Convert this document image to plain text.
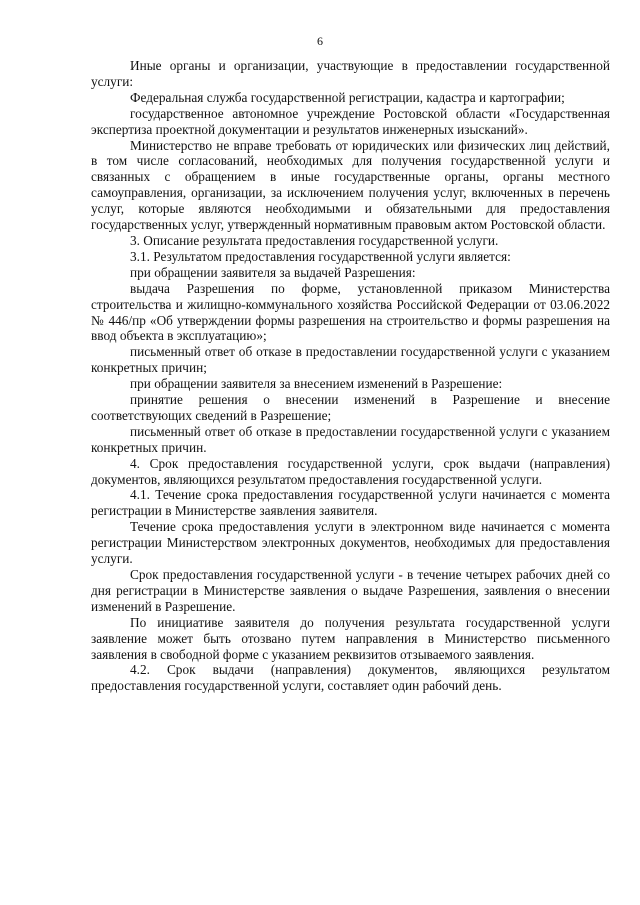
6

Иные органы и организации, участвующие в предоставлении государственной услуги:

Федеральная служба государственной регистрации, кадастра и картографии;

государственное автономное учреждение Ростовской области «Государственная экспертиза проектной документации и результатов инженерных изысканий».

Министерство не вправе требовать от юридических или физических лиц действий, в том числе согласований, необходимых для получения государственной услуги и связанных с обращением в иные государственные органы, органы местного самоуправления, организации, за исключением получения услуг, включенных в перечень услуг, которые являются необходимыми и обязательными для предоставления государственных услуг, утвержденный нормативным правовым актом Ростовской области.

3. Описание результата предоставления государственной услуги.

3.1. Результатом предоставления государственной услуги является:

при обращении заявителя за выдачей Разрешения:

выдача Разрешения по форме, установленной приказом Министерства строительства и жилищно-коммунального хозяйства Российской Федерации от 03.06.2022 № 446/пр «Об утверждении формы разрешения на строительство и формы разрешения на ввод объекта в эксплуатацию»;

письменный ответ об отказе в предоставлении государственной услуги с указанием конкретных причин;

при обращении заявителя за внесением изменений в Разрешение:

принятие решения о внесении изменений в Разрешение и внесение соответствующих сведений в Разрешение;

письменный ответ об отказе в предоставлении государственной услуги с указанием конкретных причин.

4. Срок предоставления государственной услуги, срок выдачи (направления) документов, являющихся результатом предоставления государственной услуги.

4.1. Течение срока предоставления государственной услуги начинается с момента регистрации в Министерстве заявления заявителя.

Течение срока предоставления услуги в электронном виде начинается с момента регистрации Министерством электронных документов, необходимых для предоставления услуги.

Срок предоставления государственной услуги - в течение четырех рабочих дней со дня регистрации в Министерстве заявления о выдаче Разрешения, заявления о внесении изменений в Разрешение.

По инициативе заявителя до получения результата государственной услуги заявление может быть отозвано путем направления в Министерство письменного заявления в свободной форме с указанием реквизитов отзываемого заявления.

4.2. Срок выдачи (направления) документов, являющихся результатом предоставления государственной услуги, составляет один рабочий день.
